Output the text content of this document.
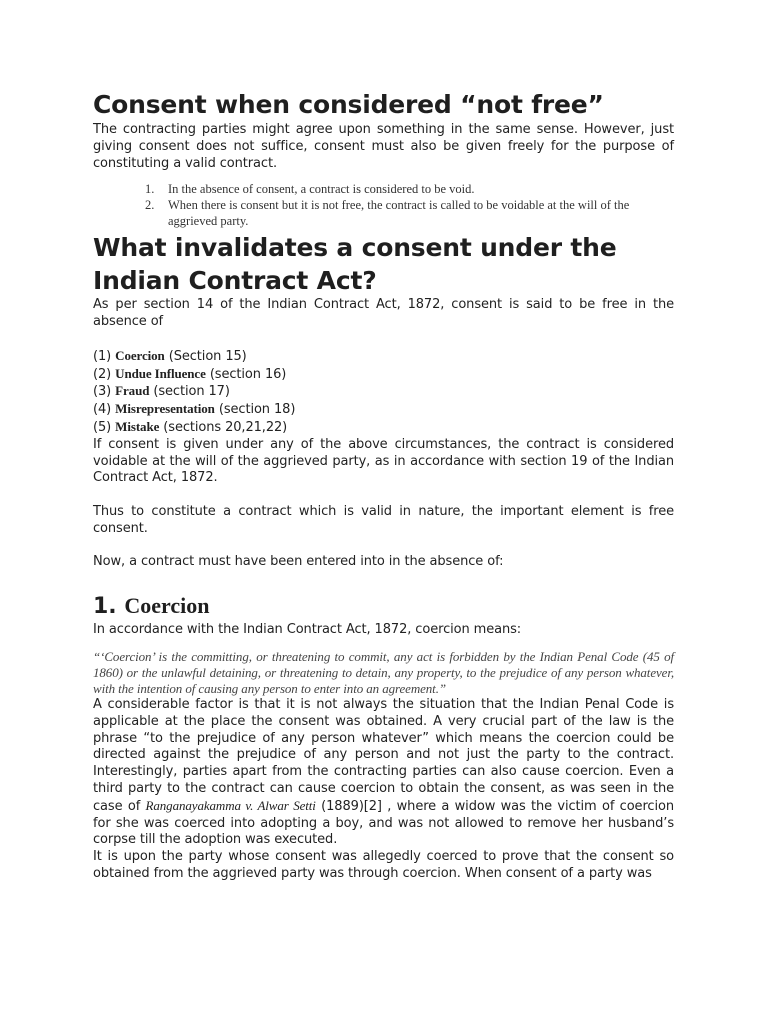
Consent when considered “not free”

The contracting parties might agree upon something in the same sense. However, just giving consent does not suffice, consent must also be given freely for the purpose of constituting a valid contract.

1. In the absence of consent, a contract is considered to be void.
2. When there is consent but it is not free, the contract is called to be voidable at the will of the aggrieved party.
What invalidates a consent under the Indian Contract Act?

As per section 14 of the Indian Contract Act, 1872, consent is said to be free in the absence of

(1) Coercion (Section 15)

(2) Undue Influence (section 16)

(3) Fraud (section 17)

(4) Misrepresentation (section 18)

(5) Mistake (sections 20,21,22)

If consent is given under any of the above circumstances, the contract is considered voidable at the will of the aggrieved party, as in accordance with section 19 of the Indian Contract Act, 1872.

Thus to constitute a contract which is valid in nature, the important element is free consent.

Now, a contract must have been entered into in the absence of:

1. Coercion

In accordance with the Indian Contract Act, 1872, coercion means:

“‘Coercion’ is the committing, or threatening to commit, any act is forbidden by the Indian Penal Code (45 of 1860) or the unlawful detaining, or threatening to detain, any property, to the prejudice of any person whatever, with the intention of causing any person to enter into an agreement.”

A considerable factor is that it is not always the situation that the Indian Penal Code is applicable at the place the consent was obtained. A very crucial part of the law is the phrase “to the prejudice of any person whatever” which means the coercion could be directed against the prejudice of any person and not just the party to the contract. Interestingly, parties apart from the contracting parties can also cause coercion. Even a third party to the contract can cause coercion to obtain the consent, as was seen in the case of Ranganayakamma v. Alwar Setti (1889)[2] , where a widow was the victim of coercion for she was coerced into adopting a boy, and was not allowed to remove her husband’s corpse till the adoption was executed.

It is upon the party whose consent was allegedly coerced to prove that the consent so obtained from the aggrieved party was through coercion. When consent of a party was
